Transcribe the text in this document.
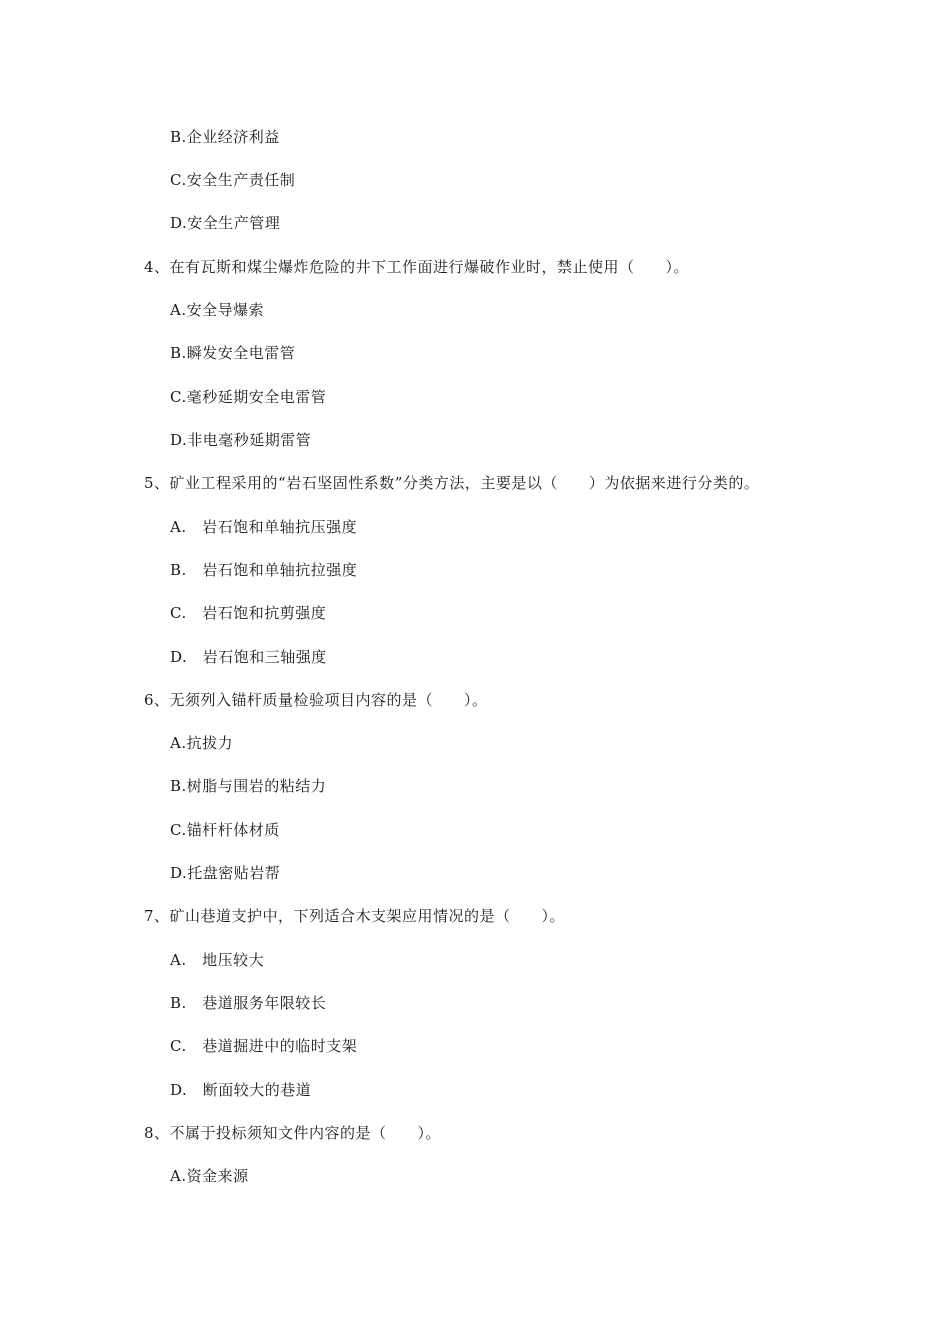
B.企业经济利益
C.安全生产责任制
D.安全生产管理
4、在有瓦斯和煤尘爆炸危险的井下工作面进行爆破作业时，禁止使用（　　）。
A.安全导爆索
B.瞬发安全电雷管
C.毫秒延期安全电雷管
D.非电毫秒延期雷管
5、矿业工程采用的“岩石坚固性系数”分类方法，主要是以（　　）为依据来进行分类的。
A.　岩石饱和单轴抗压强度
B.　岩石饱和单轴抗拉强度
C.　岩石饱和抗剪强度
D.　岩石饱和三轴强度
6、无须列入锚杆质量检验项目内容的是（　　）。
A.抗拔力
B.树脂与围岩的粘结力
C.锚杆杆体材质
D.托盘密贴岩帮
7、矿山巷道支护中，下列适合木支架应用情况的是（　　）。
A.　地压较大
B.　巷道服务年限较长
C.　巷道掘进中的临时支架
D.　断面较大的巷道
8、不属于投标须知文件内容的是（　　）。
A.资金来源
